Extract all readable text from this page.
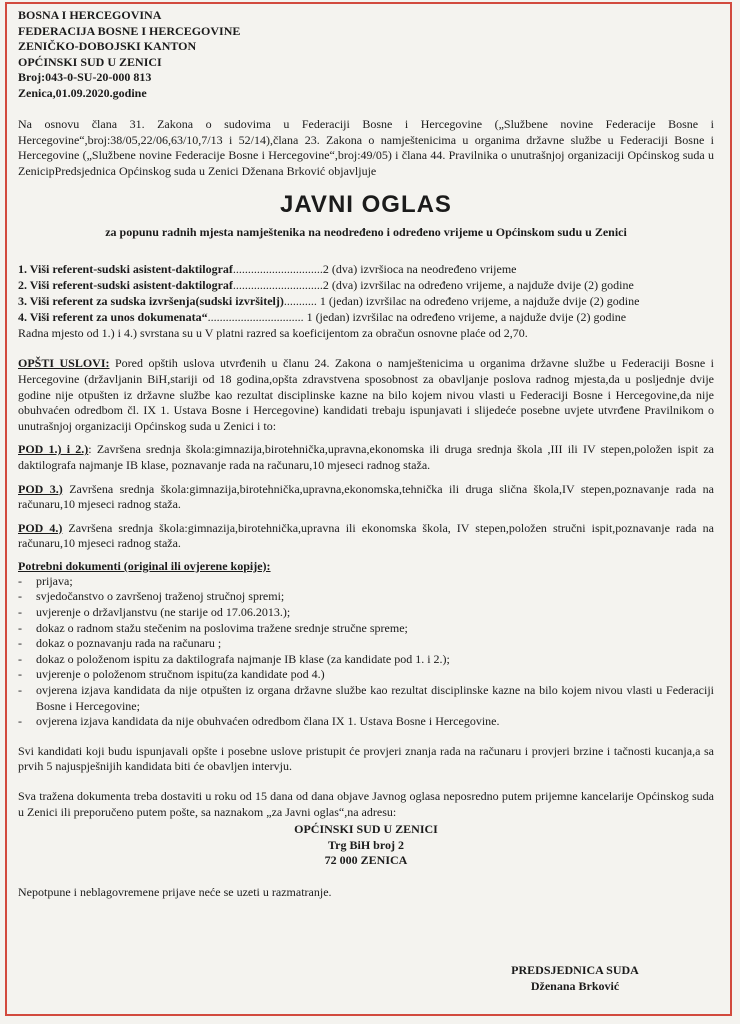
BOSNA I HERCEGOVINA
FEDERACIJA BOSNE I HERCEGOVINE
ZENIČKO-DOBOJSKI KANTON
OPĆINSKI SUD U ZENICI
Broj:043-0-SU-20-000 813
Zenica,01.09.2020.godine

Na osnovu člana 31. Zakona o sudovima u Federaciji Bosne i Hercegovine („Službene novine Federacije Bosne i Hercegovine“,broj:38/05,22/06,63/10,7/13 i 52/14),člana 23. Zakona o namještenicima u organima državne službe u Federaciji Bosne i Hercegovine („Službene novine Federacije Bosne i Hercegovine“,broj:49/05) i člana 44. Pravilnika o unutrašnjoj organizaciji Općinskog suda u ZenicipPredsjednica Općinskog suda u Zenici Dženana Brković objavljuje

JAVNI OGLAS
za popunu radnih mjesta namještenika na neodređeno i određeno vrijeme u Općinskom sudu u Zenici
1. Viši referent-sudski asistent-daktilograf..............................2 (dva) izvršioca na neodređeno vrijeme
2. Viši referent-sudski asistent-daktilograf..............................2 (dva) izvršilac na određeno vrijeme, a najduže dvije (2) godine
3. Viši referent za sudska izvršenja(sudski izvršitelj)........... 1 (jedan) izvršilac na određeno vrijeme, a najduže dvije (2) godine
4. Viši referent za unos dokumenata“................................ 1 (jedan) izvršilac na određeno vrijeme, a najduže dvije (2) godine
Radna mjesto od 1.) i 4.) svrstana su u V platni razred sa koeficijentom za obračun osnovne plaće od 2,70.

OPŠTI USLOVI: Pored opštih uslova utvrđenih u članu 24. Zakona o namještenicima u organima državne službe u Federaciji Bosne i Hercegovine (državljanin BiH,stariji od 18 godina,opšta zdravstvena sposobnost za obavljanje poslova radnog mjesta,da u posljednje dvije godine nije otpušten iz državne službe kao rezultat disciplinske kazne na bilo kojem nivou vlasti u Federaciji Bosne i Hercegovine,da nije obuhvaćen odredbom čl. IX 1. Ustava Bosne i Hercegovine) kandidati trebaju ispunjavati i slijedeće posebne uvjete utvrđene Pravilnikom o unutrašnjoj organizaciji Općinskog suda u Zenici i to:

POD 1.) i 2.): Završena srednja škola:gimnazija,birotehnička,upravna,ekonomska ili druga srednja škola ,III ili IV stepen,položen ispit za daktilografa najmanje IB klase, poznavanje rada na računaru,10 mjeseci radnog staža.

POD 3.) Završena srednja škola:gimnazija,birotehnička,upravna,ekonomska,tehnička ili druga slična škola,IV stepen,poznavanje rada na računaru,10 mjeseci radnog staža.

POD 4.) Završena srednja škola:gimnazija,birotehnička,upravna ili ekonomska škola, IV stepen,položen stručni ispit,poznavanje rada na računaru,10 mjeseci radnog staža.

Potrebni dokumenti (original ili ovjerene kopije):
- prijava;
- svjedočanstvo o završenoj traženoj stručnoj spremi;
- uvjerenje o državljanstvu (ne starije od 17.06.2013.);
- dokaz o radnom stažu stečenim na poslovima tražene srednje stručne spreme;
- dokaz o poznavanju rada na računaru ;
- dokaz o položenom ispitu za daktilografa najmanje IB klase (za kandidate pod 1. i 2.);
- uvjerenje o položenom stručnom ispitu(za kandidate pod 4.)
- ovjerena izjava kandidata da nije otpušten iz organa državne službe kao rezultat disciplinske kazne na bilo kojem nivou vlasti u Federaciji Bosne i Hercegovine;
- ovjerena izjava kandidata da nije obuhvaćen odredbom člana IX 1. Ustava Bosne i Hercegovine.

Svi kandidati koji budu ispunjavali opšte i posebne uslove pristupit će provjeri znanja rada na računaru i provjeri brzine i tačnosti kucanja,a sa prvih 5 najuspješnijih kandidata biti će obavljen intervju.

Sva tražena dokumenta treba dostaviti u roku od 15 dana od dana objave Javnog oglasa neposredno putem prijemne kancelarije Općinskog suda u Zenici ili preporučeno putem pošte, sa naznakom „za Javni oglas“,na adresu:

OPĆINSKI SUD U ZENICI
Trg BiH broj 2
72 000 ZENICA

Nepotpune i neblagovremene prijave neće se uzeti u razmatranje.

PREDSJEDNICA SUDA
Dženana Brković
